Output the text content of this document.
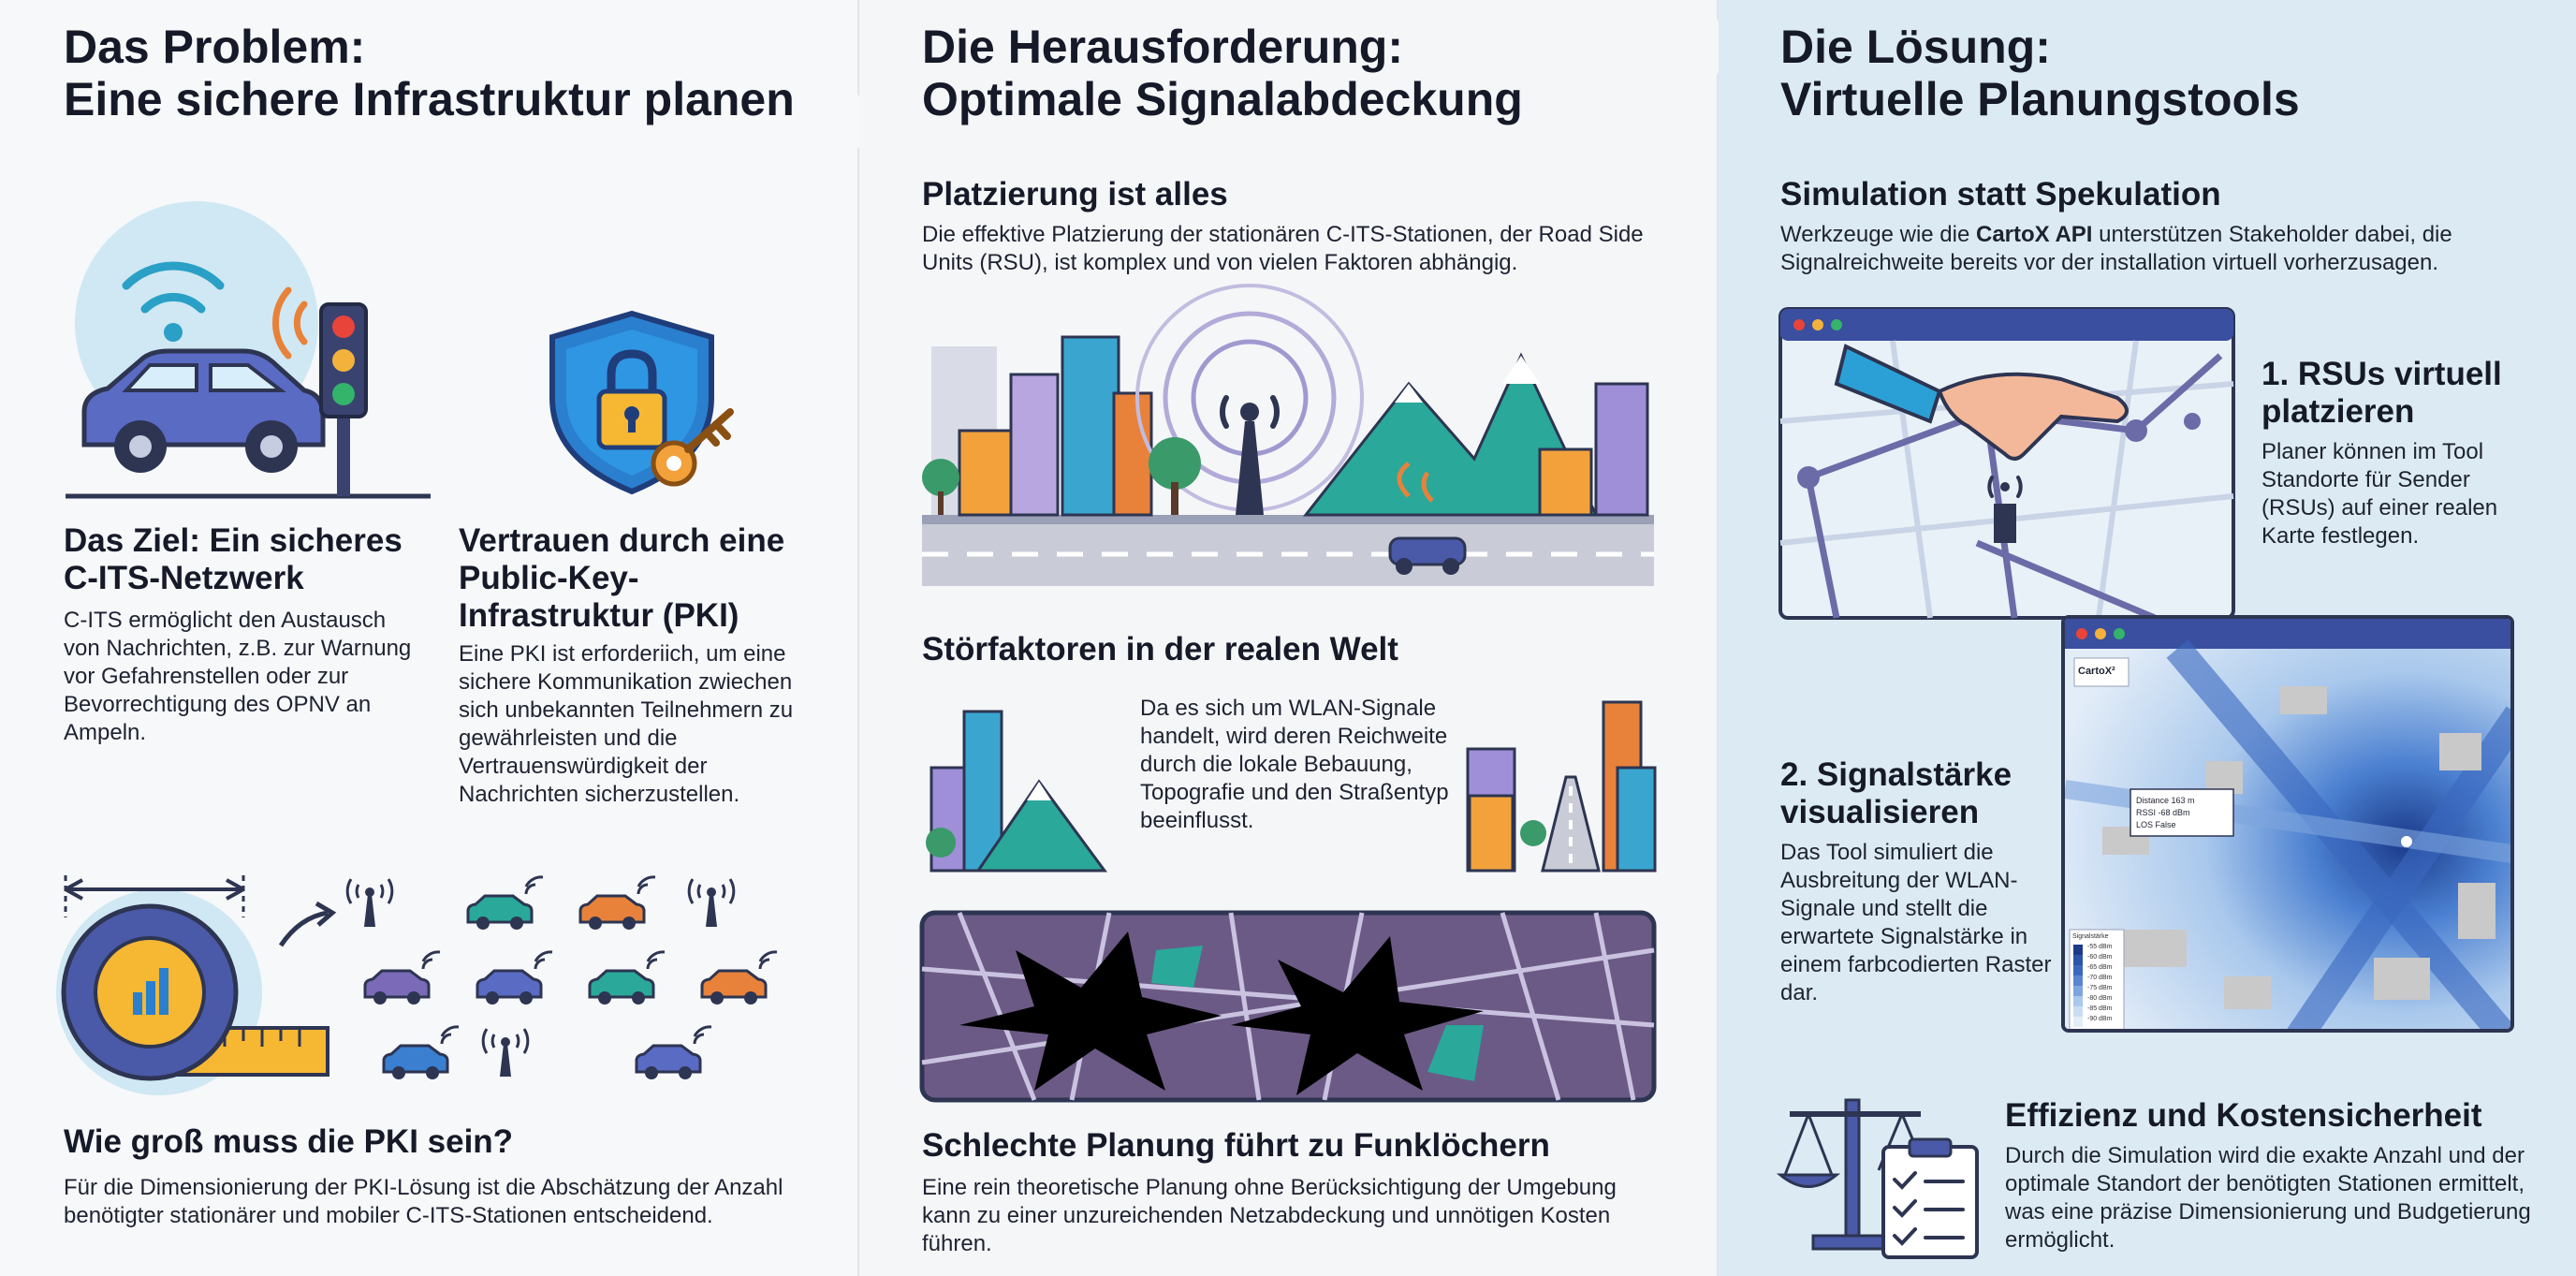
Das Problem:
Eine sichere Infrastruktur planen
Das Ziel: Ein sicheres
C-ITS-Netzwerk
C-ITS ermöglicht den Austausch von Nachrichten, z.B. zur Warnung vor Gefahrenstellen oder zur Bevorrechtigung des OPNV an Ampeln.
Vertrauen durch eine
Public-Key-
Infrastruktur (PKI)
Eine PKI ist erforderiich, um eine sichere Kommunikation zwiechen sich unbekannten Teilnehmern zu gewährleisten und die Vertrauenswürdigkeit der Nachrichten sicherzustellen.
Wie groß muss die PKI sein?
Für die Dimensionierung der PKI-Lösung ist die Abschätzung der Anzahl benötigter stationärer und mobiler C-ITS-Stationen entscheidend.
Die Herausforderung:
Optimale Signalabdeckung
Platzierung ist alles
Die effektive Platzierung der stationären C-ITS-Stationen, der Road Side Units (RSU), ist komplex und von vielen Faktoren abhängig.
Störfaktoren in der realen Welt
Da es sich um WLAN-Signale handelt, wird deren Reichweite durch die lokale Bebauung, Topografie und den Straßentyp beeinflusst.
Schlechte Planung führt zu Funklöchern
Eine rein theoretische Planung ohne Berücksichtigung der Umgebung kann zu einer unzureichenden Netzabdeckung und unnötigen Kosten führen.
Die Lösung:
Virtuelle Planungstools
Simulation statt Spekulation
Werkzeuge wie die CartoX API unterstützen Stakeholder dabei, die Signalreichweite bereits vor der installation virtuell vorherzusagen.
1. RSUs virtuell
platzieren
Planer können im Tool Standorte für Sender (RSUs) auf einer realen Karte festlegen.
CartoX²
Distance 163 m
RSSI -68 dBm
LOS False
Signalstärke
-55 dBm
-60 dBm
-65 dBm
-70 dBm
-75 dBm
-80 dBm
-85 dBm
-90 dBm
2. Signalstärke
visualisieren
Das Tool simuliert die Ausbreitung der WLAN-Signale und stellt die erwartete Signalstärke in einem farbcodierten Raster dar.
Effizienz und Kostensicherheit
Durch die Simulation wird die exakte Anzahl und der optimale Standort der benötigten Stationen ermittelt, was eine präzise Dimensionierung und Budgetierung ermöglicht.
